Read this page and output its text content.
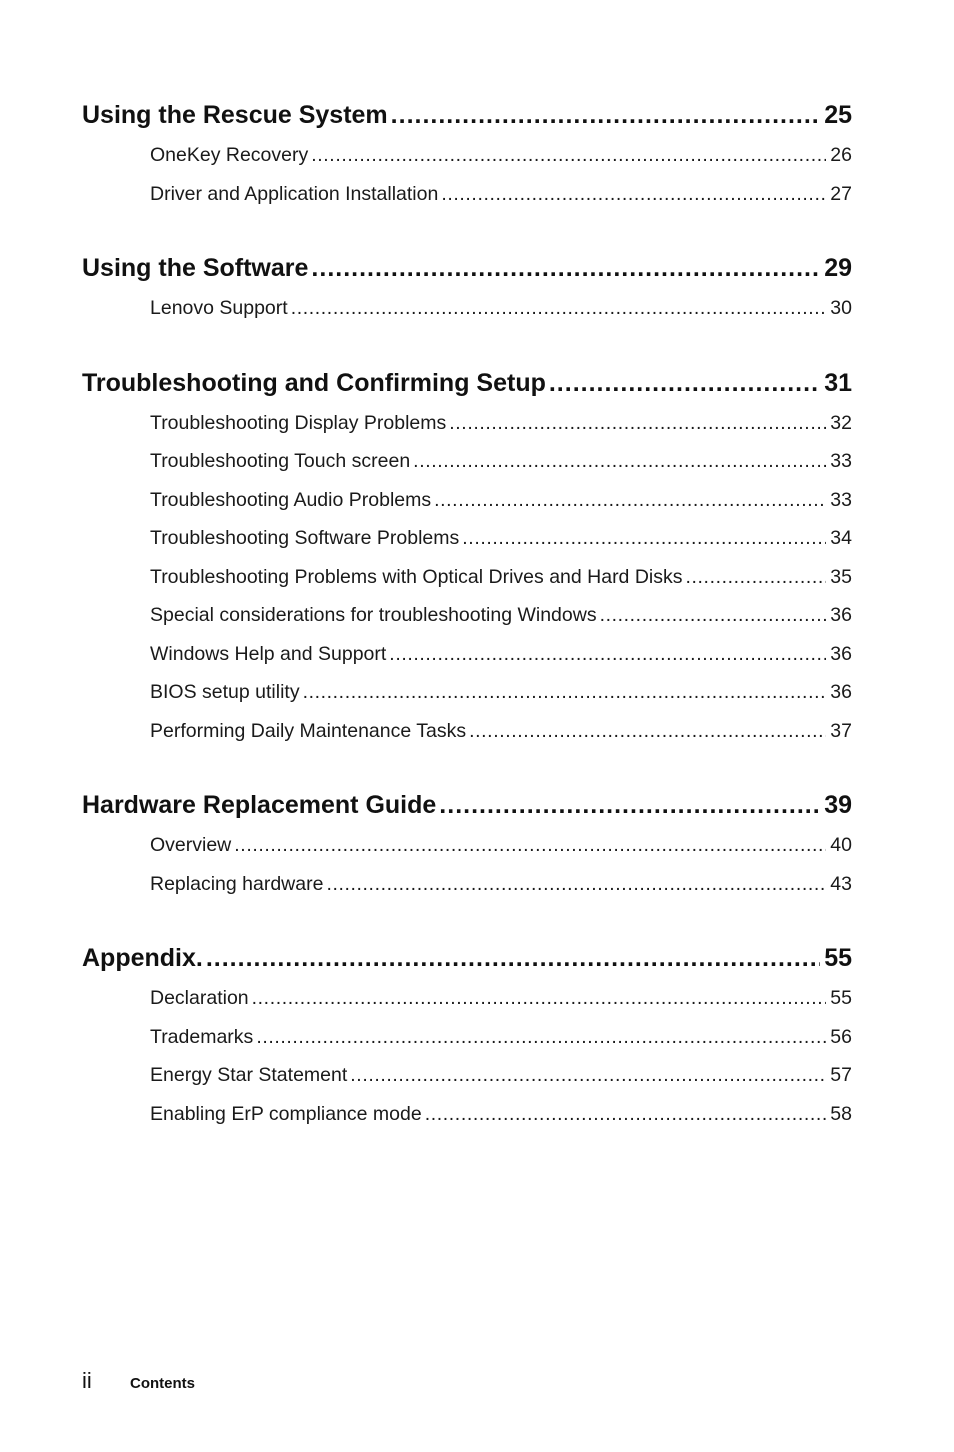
Using the Rescue System .....	25
OneKey Recovery .....	26
Driver and Application Installation .....	27
Using the Software .....	29
Lenovo Support .....	30
Troubleshooting and Confirming Setup .....	31
Troubleshooting Display Problems .....	32
Troubleshooting Touch screen .....	33
Troubleshooting Audio Problems .....	33
Troubleshooting Software Problems .....	34
Troubleshooting Problems with Optical Drives and Hard Disks .....	35
Special considerations for troubleshooting Windows .....	36
Windows Help and Support .....	36
BIOS setup utility .....	36
Performing Daily Maintenance Tasks .....	37
Hardware Replacement Guide .....	39
Overview .....	40
Replacing hardware .....	43
Appendix. .....	55
Declaration .....	55
Trademarks .....	56
Energy Star Statement .....	57
Enabling ErP compliance mode .....	58
ii	Contents
